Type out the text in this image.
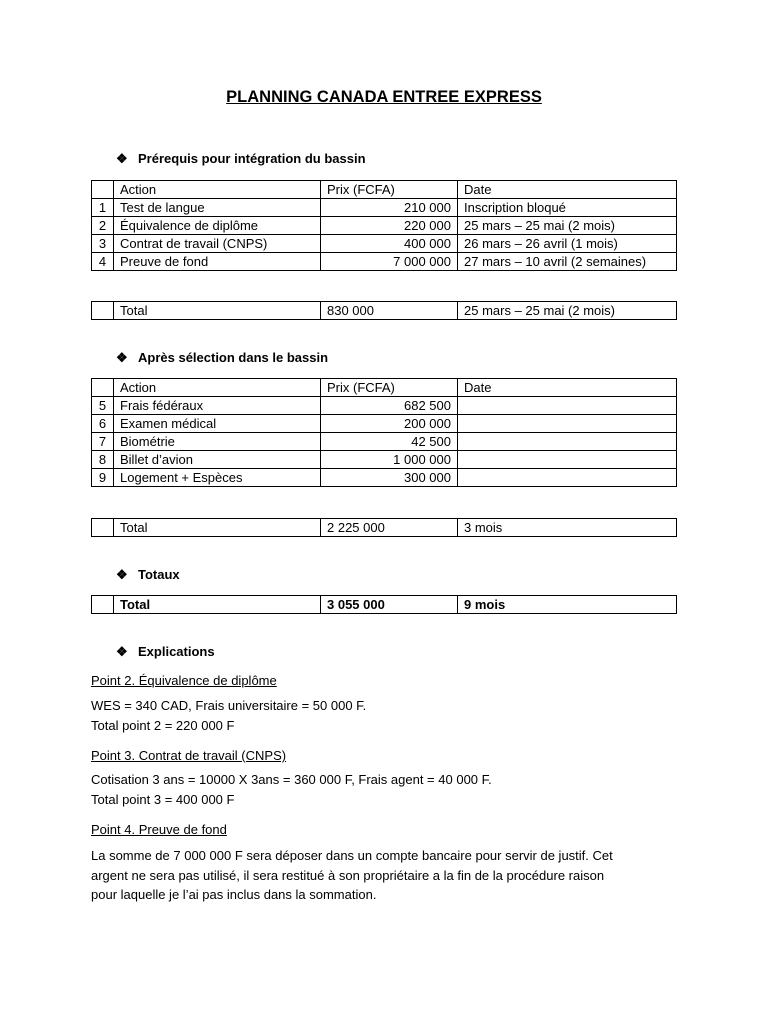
PLANNING CANADA ENTREE EXPRESS
❖ Prérequis pour intégration du bassin
	Action	Prix (FCFA)	Date
1	Test de langue	210 000	Inscription bloqué
2	Équivalence de diplôme	220 000	25 mars – 25 mai (2 mois)
3	Contrat de travail (CNPS)	400 000	26 mars – 26 avril (1 mois)
4	Preuve de fond	7 000 000	27 mars – 10 avril (2 semaines)
	Total	830 000	25 mars – 25 mai (2 mois)
❖ Après sélection dans le bassin
	Action	Prix (FCFA)	Date
5	Frais fédéraux	682 500	
6	Examen médical	200 000	
7	Biométrie	42 500	
8	Billet d’avion	1 000 000	
9	Logement + Espèces	300 000	
	Total	2 225 000	3 mois
❖ Totaux
	Total	3 055 000	9 mois
❖ Explications
Point 2. Équivalence de diplôme
WES = 340 CAD, Frais universitaire = 50 000 F.
Total point 2 = 220 000 F
Point 3. Contrat de travail (CNPS)
Cotisation 3 ans = 10000 X 3ans = 360 000 F, Frais agent = 40 000 F.
Total point 3 = 400 000 F
Point 4. Preuve de fond
La somme de 7 000 000 F sera déposer dans un compte bancaire pour servir de justif. Cet
argent ne sera pas utilisé, il sera restitué à son propriétaire a la fin de la procédure raison
pour laquelle je l’ai pas inclus dans la sommation.
